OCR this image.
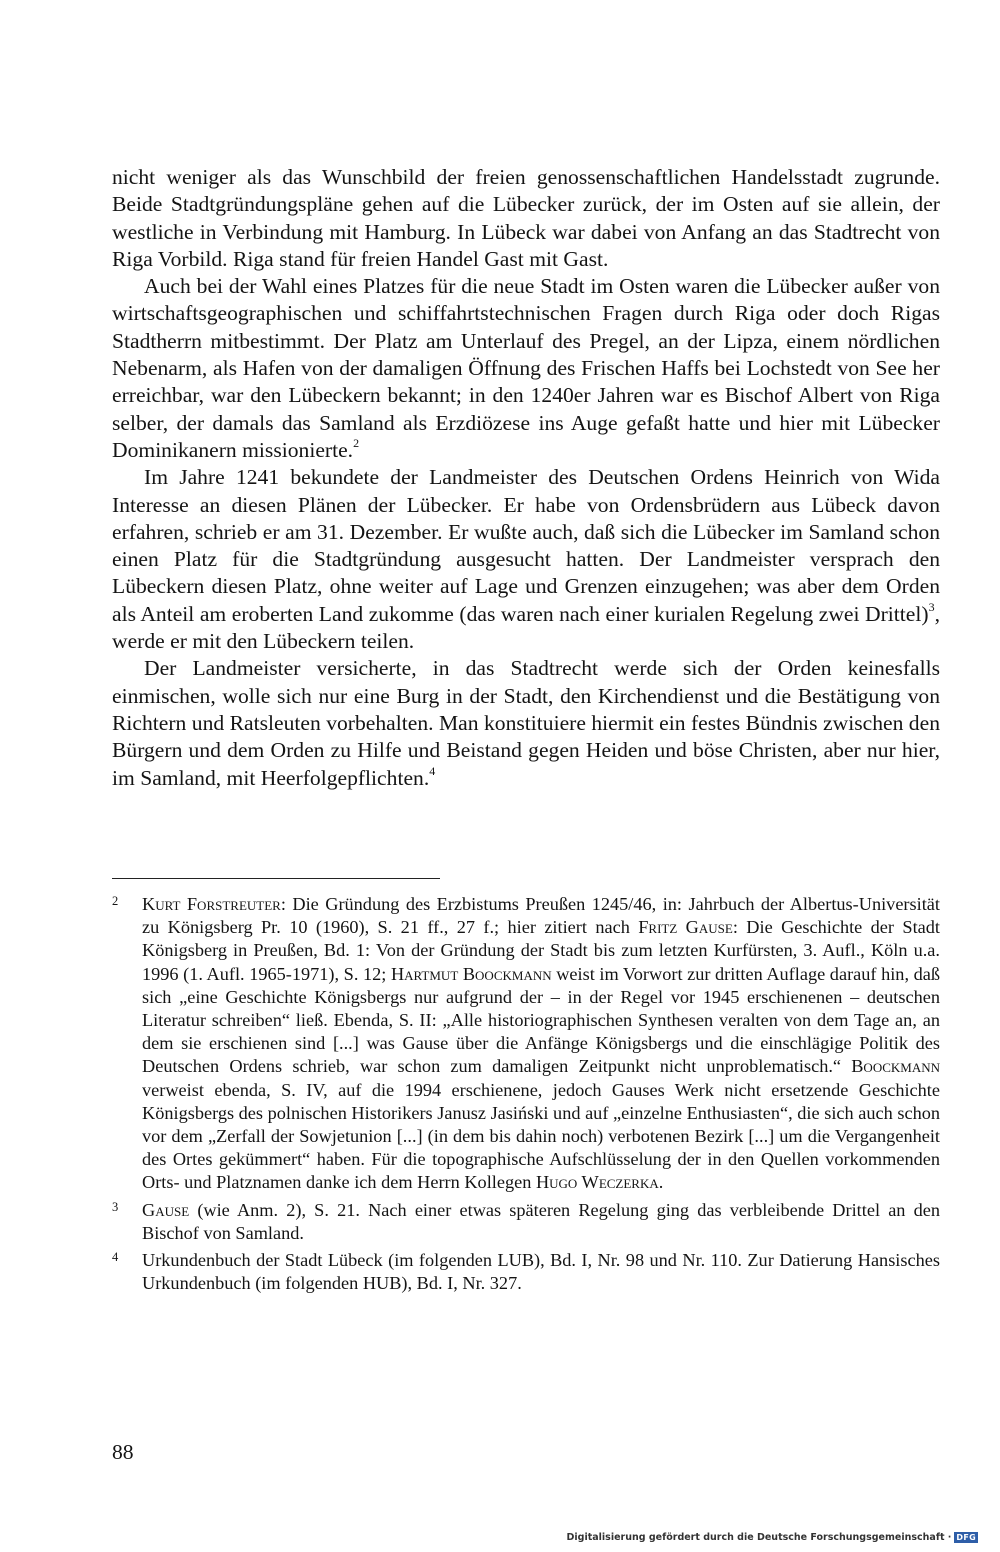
nicht weniger als das Wunschbild der freien genossenschaftlichen Handelsstadt zugrunde. Beide Stadtgründungspläne gehen auf die Lübecker zurück, der im Osten auf sie allein, der westliche in Verbindung mit Hamburg. In Lübeck war dabei von Anfang an das Stadtrecht von Riga Vorbild. Riga stand für freien Handel Gast mit Gast.

Auch bei der Wahl eines Platzes für die neue Stadt im Osten waren die Lübecker außer von wirtschaftsgeographischen und schiffahrtstechnischen Fragen durch Riga oder doch Rigas Stadtherrn mitbestimmt. Der Platz am Unterlauf des Pregel, an der Lipza, einem nördlichen Nebenarm, als Hafen von der damaligen Öffnung des Frischen Haffs bei Lochstedt von See her erreichbar, war den Lübeckern bekannt; in den 1240er Jahren war es Bischof Albert von Riga selber, der damals das Samland als Erzdiözese ins Auge gefaßt hatte und hier mit Lübecker Dominikanern missionierte.$^2$

Im Jahre 1241 bekundete der Landmeister des Deutschen Ordens Heinrich von Wida Interesse an diesen Plänen der Lübecker. Er habe von Ordensbrüdern aus Lübeck davon erfahren, schrieb er am 31. Dezember. Er wußte auch, daß sich die Lübecker im Samland schon einen Platz für die Stadtgründung ausgesucht hatten. Der Landmeister versprach den Lübeckern diesen Platz, ohne weiter auf Lage und Grenzen einzugehen; was aber dem Orden als Anteil am eroberten Land zukomme (das waren nach einer kurialen Regelung zwei Drittel)$^3$, werde er mit den Lübeckern teilen.

Der Landmeister versicherte, in das Stadtrecht werde sich der Orden keinesfalls einmischen, wolle sich nur eine Burg in der Stadt, den Kirchendienst und die Bestätigung von Richtern und Ratsleuten vorbehalten. Man konstituiere hiermit ein festes Bündnis zwischen den Bürgern und dem Orden zu Hilfe und Beistand gegen Heiden und böse Christen, aber nur hier, im Samland, mit Heerfolgepflichten.$^4$

2 Kurt Forstreuter: Die Gründung des Erzbistums Preußen 1245/46, in: Jahrbuch der Albertus-Universität zu Königsberg Pr. 10 (1960), S. 21 ff., 27 f.; hier zitiert nach Fritz Gause: Die Geschichte der Stadt Königsberg in Preußen, Bd. 1: Von der Gründung der Stadt bis zum letzten Kurfürsten, 3. Aufl., Köln u.a. 1996 (1. Aufl. 1965-1971), S. 12; Hartmut Boockmann weist im Vorwort zur dritten Auflage darauf hin, daß sich „eine Geschichte Königsbergs nur aufgrund der – in der Regel vor 1945 erschienenen – deutschen Literatur schreiben“ ließ. Ebenda, S. II: „Alle historiographischen Synthesen veralten von dem Tage an, an dem sie erschienen sind [...] was Gause über die Anfänge Königsbergs und die einschlägige Politik des Deutschen Ordens schrieb, war schon zum damaligen Zeitpunkt nicht unproblematisch.“ Boockmann verweist ebenda, S. IV, auf die 1994 erschienene, jedoch Gauses Werk nicht ersetzende Geschichte Königsbergs des polnischen Historikers Janusz Jasiński und auf „einzelne Enthusiasten“, die sich auch schon vor dem „Zerfall der Sowjetunion [...] (in dem bis dahin noch) verbotenen Bezirk [...] um die Vergangenheit des Ortes gekümmert“ haben. Für die topographische Aufschlüsselung der in den Quellen vorkommenden Orts- und Platznamen danke ich dem Herrn Kollegen Hugo Weczerka.
3 Gause (wie Anm. 2), S. 21. Nach einer etwas späteren Regelung ging das verbleibende Drittel an den Bischof von Samland.
4 Urkundenbuch der Stadt Lübeck (im folgenden LUB), Bd. I, Nr. 98 und Nr. 110. Zur Datierung Hansisches Urkundenbuch (im folgenden HUB), Bd. I, Nr. 327.
88
Digitalisierung gefördert durch die Deutsche Forschungsgemeinschaft · DFG
